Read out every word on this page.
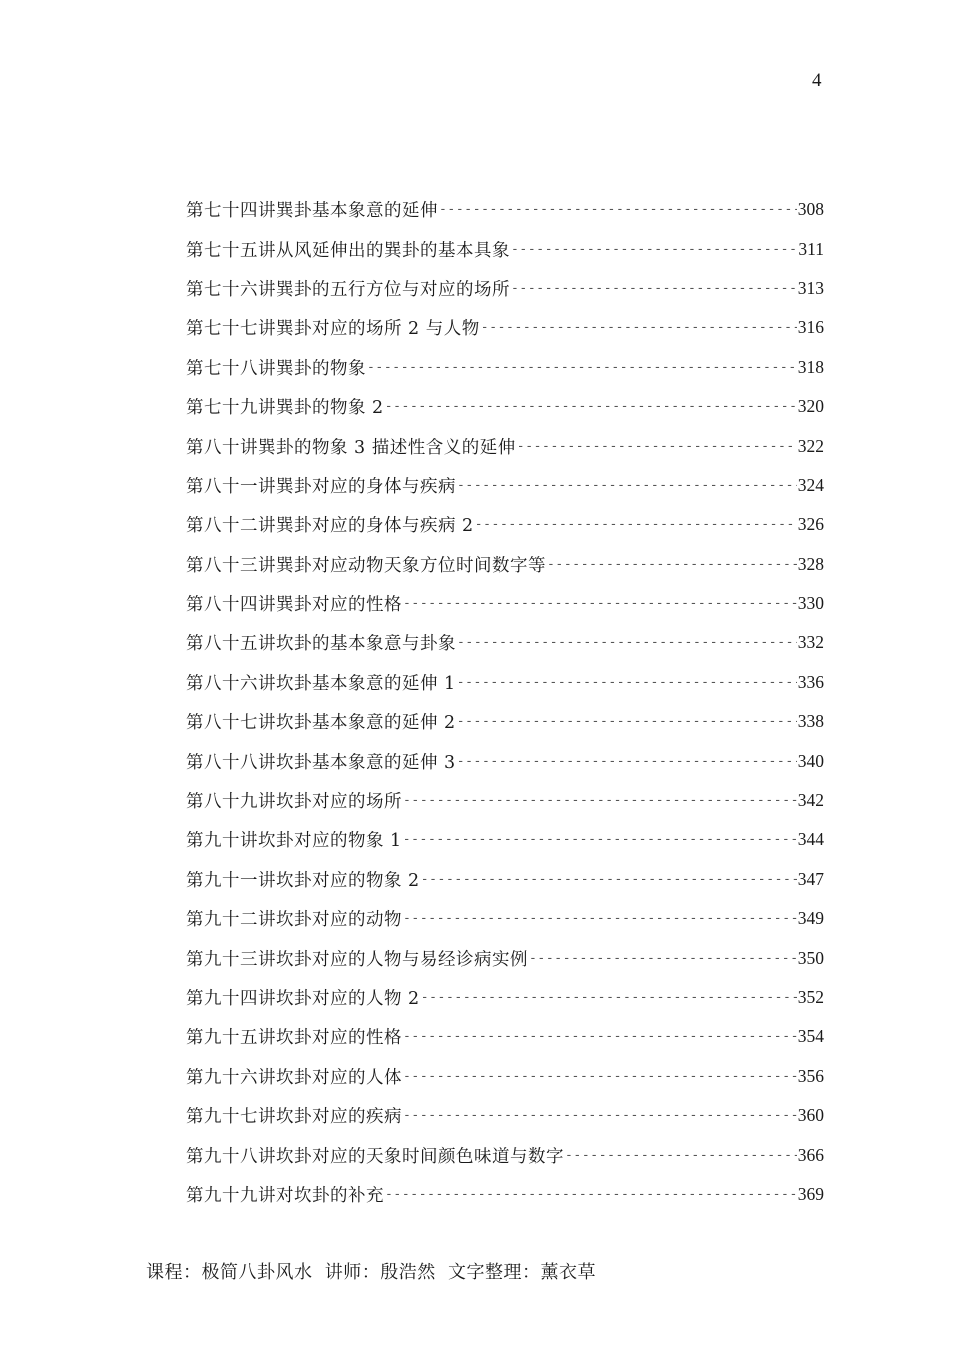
4
第七十四讲巽卦基本象意的延伸 -----	308
第七十五讲从风延伸出的巽卦的基本具象 -----	311
第七十六讲巽卦的五行方位与对应的场所 -----	313
第七十七讲巽卦对应的场所 2 与人物 -----	316
第七十八讲巽卦的物象 -----	318
第七十九讲巽卦的物象 2 -----	320
第八十讲巽卦的物象 3 描述性含义的延伸 -----	322
第八十一讲巽卦对应的身体与疾病 -----	324
第八十二讲巽卦对应的身体与疾病 2 -----	326
第八十三讲巽卦对应动物天象方位时间数字等 -----	328
第八十四讲巽卦对应的性格 -----	330
第八十五讲坎卦的基本象意与卦象 -----	332
第八十六讲坎卦基本象意的延伸 1 -----	336
第八十七讲坎卦基本象意的延伸 2 -----	338
第八十八讲坎卦基本象意的延伸 3 -----	340
第八十九讲坎卦对应的场所 -----	342
第九十讲坎卦对应的物象 1 -----	344
第九十一讲坎卦对应的物象 2 -----	347
第九十二讲坎卦对应的动物 -----	349
第九十三讲坎卦对应的人物与易经诊病实例 -----	350
第九十四讲坎卦对应的人物 2 -----	352
第九十五讲坎卦对应的性格 -----	354
第九十六讲坎卦对应的人体 -----	356
第九十七讲坎卦对应的疾病 -----	360
第九十八讲坎卦对应的天象时间颜色味道与数字 -----	366
第九十九讲对坎卦的补充 -----	369
课程：极简八卦风水 讲师：殷浩然 文字整理：薰衣草
